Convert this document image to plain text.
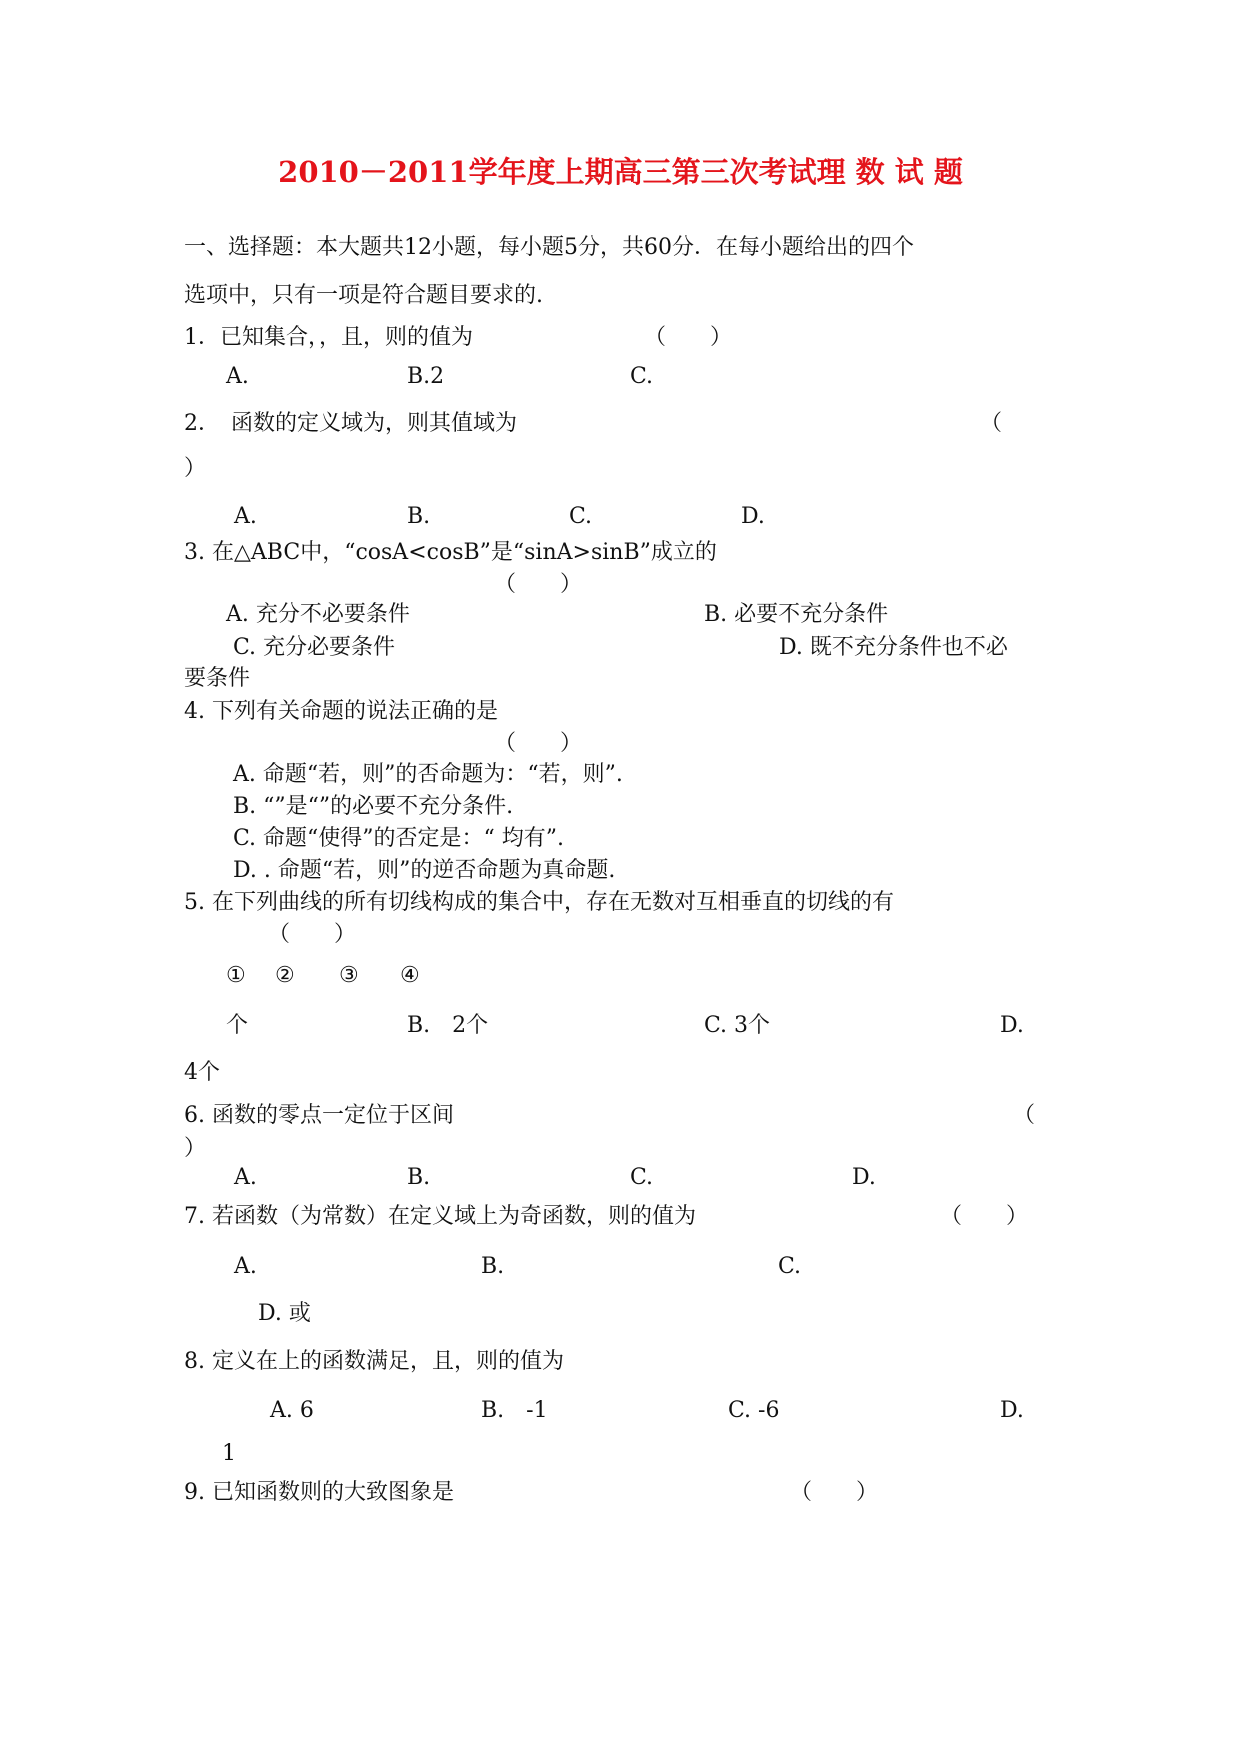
2010－2011学年度上期高三第三次考试理 数 试 题
一、选择题：本大题共12小题，每小题5分，共60分．在每小题给出的四个
选项中，只有一项是符合题目要求的.
1．已知集合，，且，则的值为	（　　）
A.	B.2	C.
2．　函数的定义域为，则其值域为	（
）
A.	B.	C.	D.
3. 在△ABC中，“cosA<cosB”是“sinA>sinB”成立的
（　　）
A. 充分不必要条件	B. 必要不充分条件
C. 充分必要条件	D. 既不充分条件也不必
要条件
4. 下列有关命题的说法正确的是
（　　）
A. 命题“若，则”的否命题为：“若，则”.
B. “”是“”的必要不充分条件.
C. 命题“使得”的否定是：“ 均有”.
D. . 命题“若，则”的逆否命题为真命题.
5. 在下列曲线的所有切线构成的集合中，存在无数对互相垂直的切线的有
（　　）
① ② ③ ④
个	B.　2个	C. 3个	D.
4个
6. 函数的零点一定位于区间	（
）
A.	B.	C.	D.
7. 若函数（为常数）在定义域上为奇函数，则的值为	（　　）
A.	B.	C.
D. 或
8. 定义在上的函数满足，且，则的值为
A. 6	B.　-1	C. -6	D.
1
9. 已知函数则的大致图象是	（　　）
